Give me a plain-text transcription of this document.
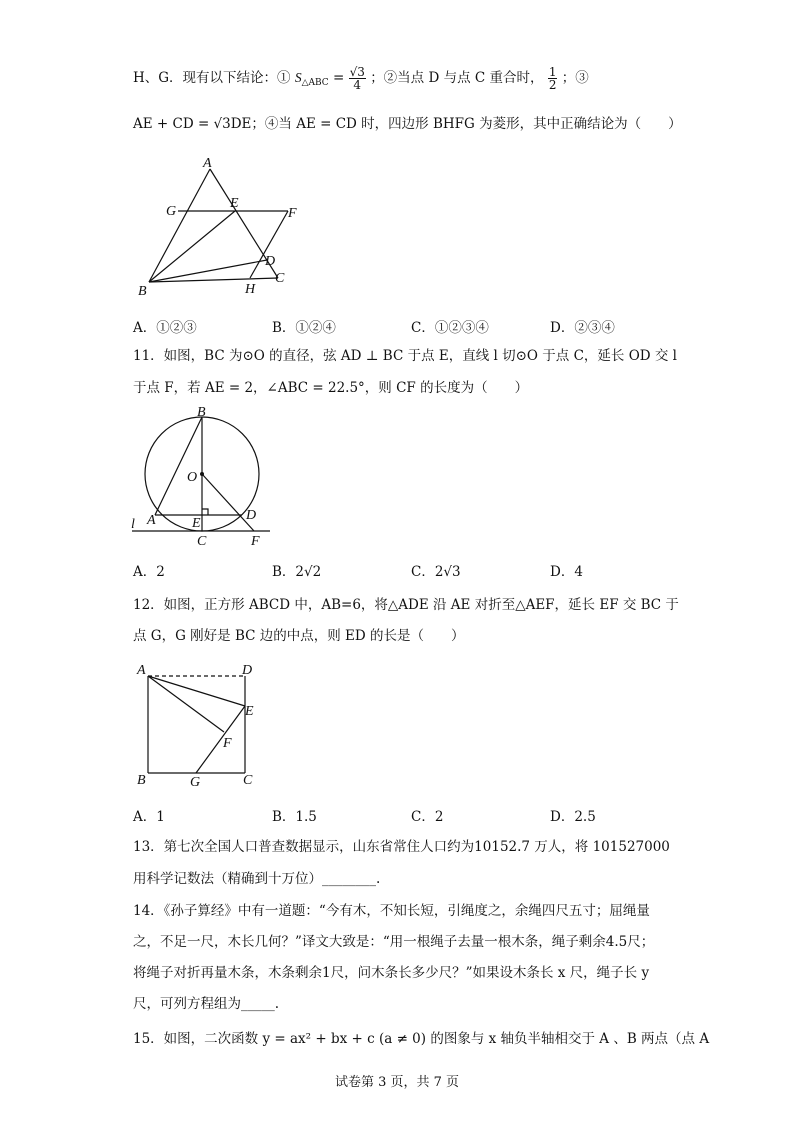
H、G．现有以下结论：① $S_{\triangle ABC} = \frac{√3}{4}$ ；②当点 D 与点 C 重合时， $\frac{1}{2}$ ；③
AE + CD = √3DE；④当 AE = CD 时，四边形 BHFG 为菱形，其中正确结论为（　　）
A
G
E
F
D
C
B	H
A．①②③	B．①②④	C．①②③④	D．②③④
11．如图，BC 为⊙O 的直径，弦 AD ⊥ BC 于点 E，直线 l 切⊙O 于点 C，延长 OD 交 l
于点 F，若 AE = 2，∠ABC = 22.5°，则 CF 的长度为（　　）
B
O
l A	E
D
C	F
A．2	B．2√2	C．2√3	D．4
12．如图，正方形 ABCD 中，AB=6，将△ADE 沿 AE 对折至△AEF，延长 EF 交 BC 于
点 G，G 刚好是 BC 边的中点，则 ED 的长是（　　）
A	D
E
F
B	G	C
A．1	B．1.5	C．2	D．2.5
13．第七次全国人口普查数据显示，山东省常住人口约为10152.7 万人，将 101527000
用科学记数法（精确到十万位）________.
14．《孙子算经》中有一道题：“今有木，不知长短，引绳度之，余绳四尺五寸；屈绳量
之，不足一尺，木长几何？”译文大致是：“用一根绳子去量一根木条，绳子剩余4.5尺；
将绳子对折再量木条，木条剩余1尺，问木条长多少尺？”如果设木条长 x 尺，绳子长 y
尺，可列方程组为_____.
15．如图，二次函数 y = ax² + bx + c (a ≠ 0) 的图象与 x 轴负半轴相交于 A 、B 两点（点 A
试卷第 3 页，共 7 页
